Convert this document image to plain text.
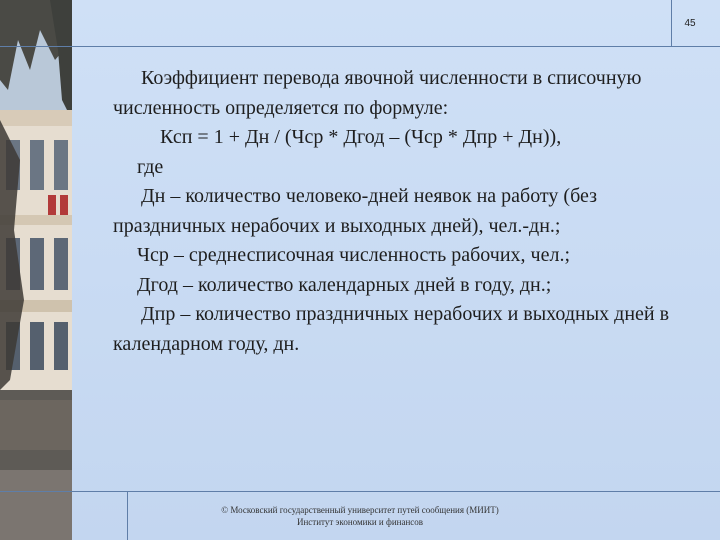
45

Коэффициент перевода явочной численности в списочную численность определяется по формуле:

Ксп = 1 + Дн / (Чср * Дгод – (Чср * Дпр + Дн)),

где

Дн – количество человеко-дней неявок на работу (без праздничных нерабочих и выходных дней), чел.-дн.;

Чср – среднесписочная численность рабочих, чел.;

Дгод – количество календарных дней в году, дн.;

Дпр – количество праздничных нерабочих и выходных дней в календарном году, дн.

© Московский государственный университет путей сообщения (МИИТ)

Институт экономики и финансов
